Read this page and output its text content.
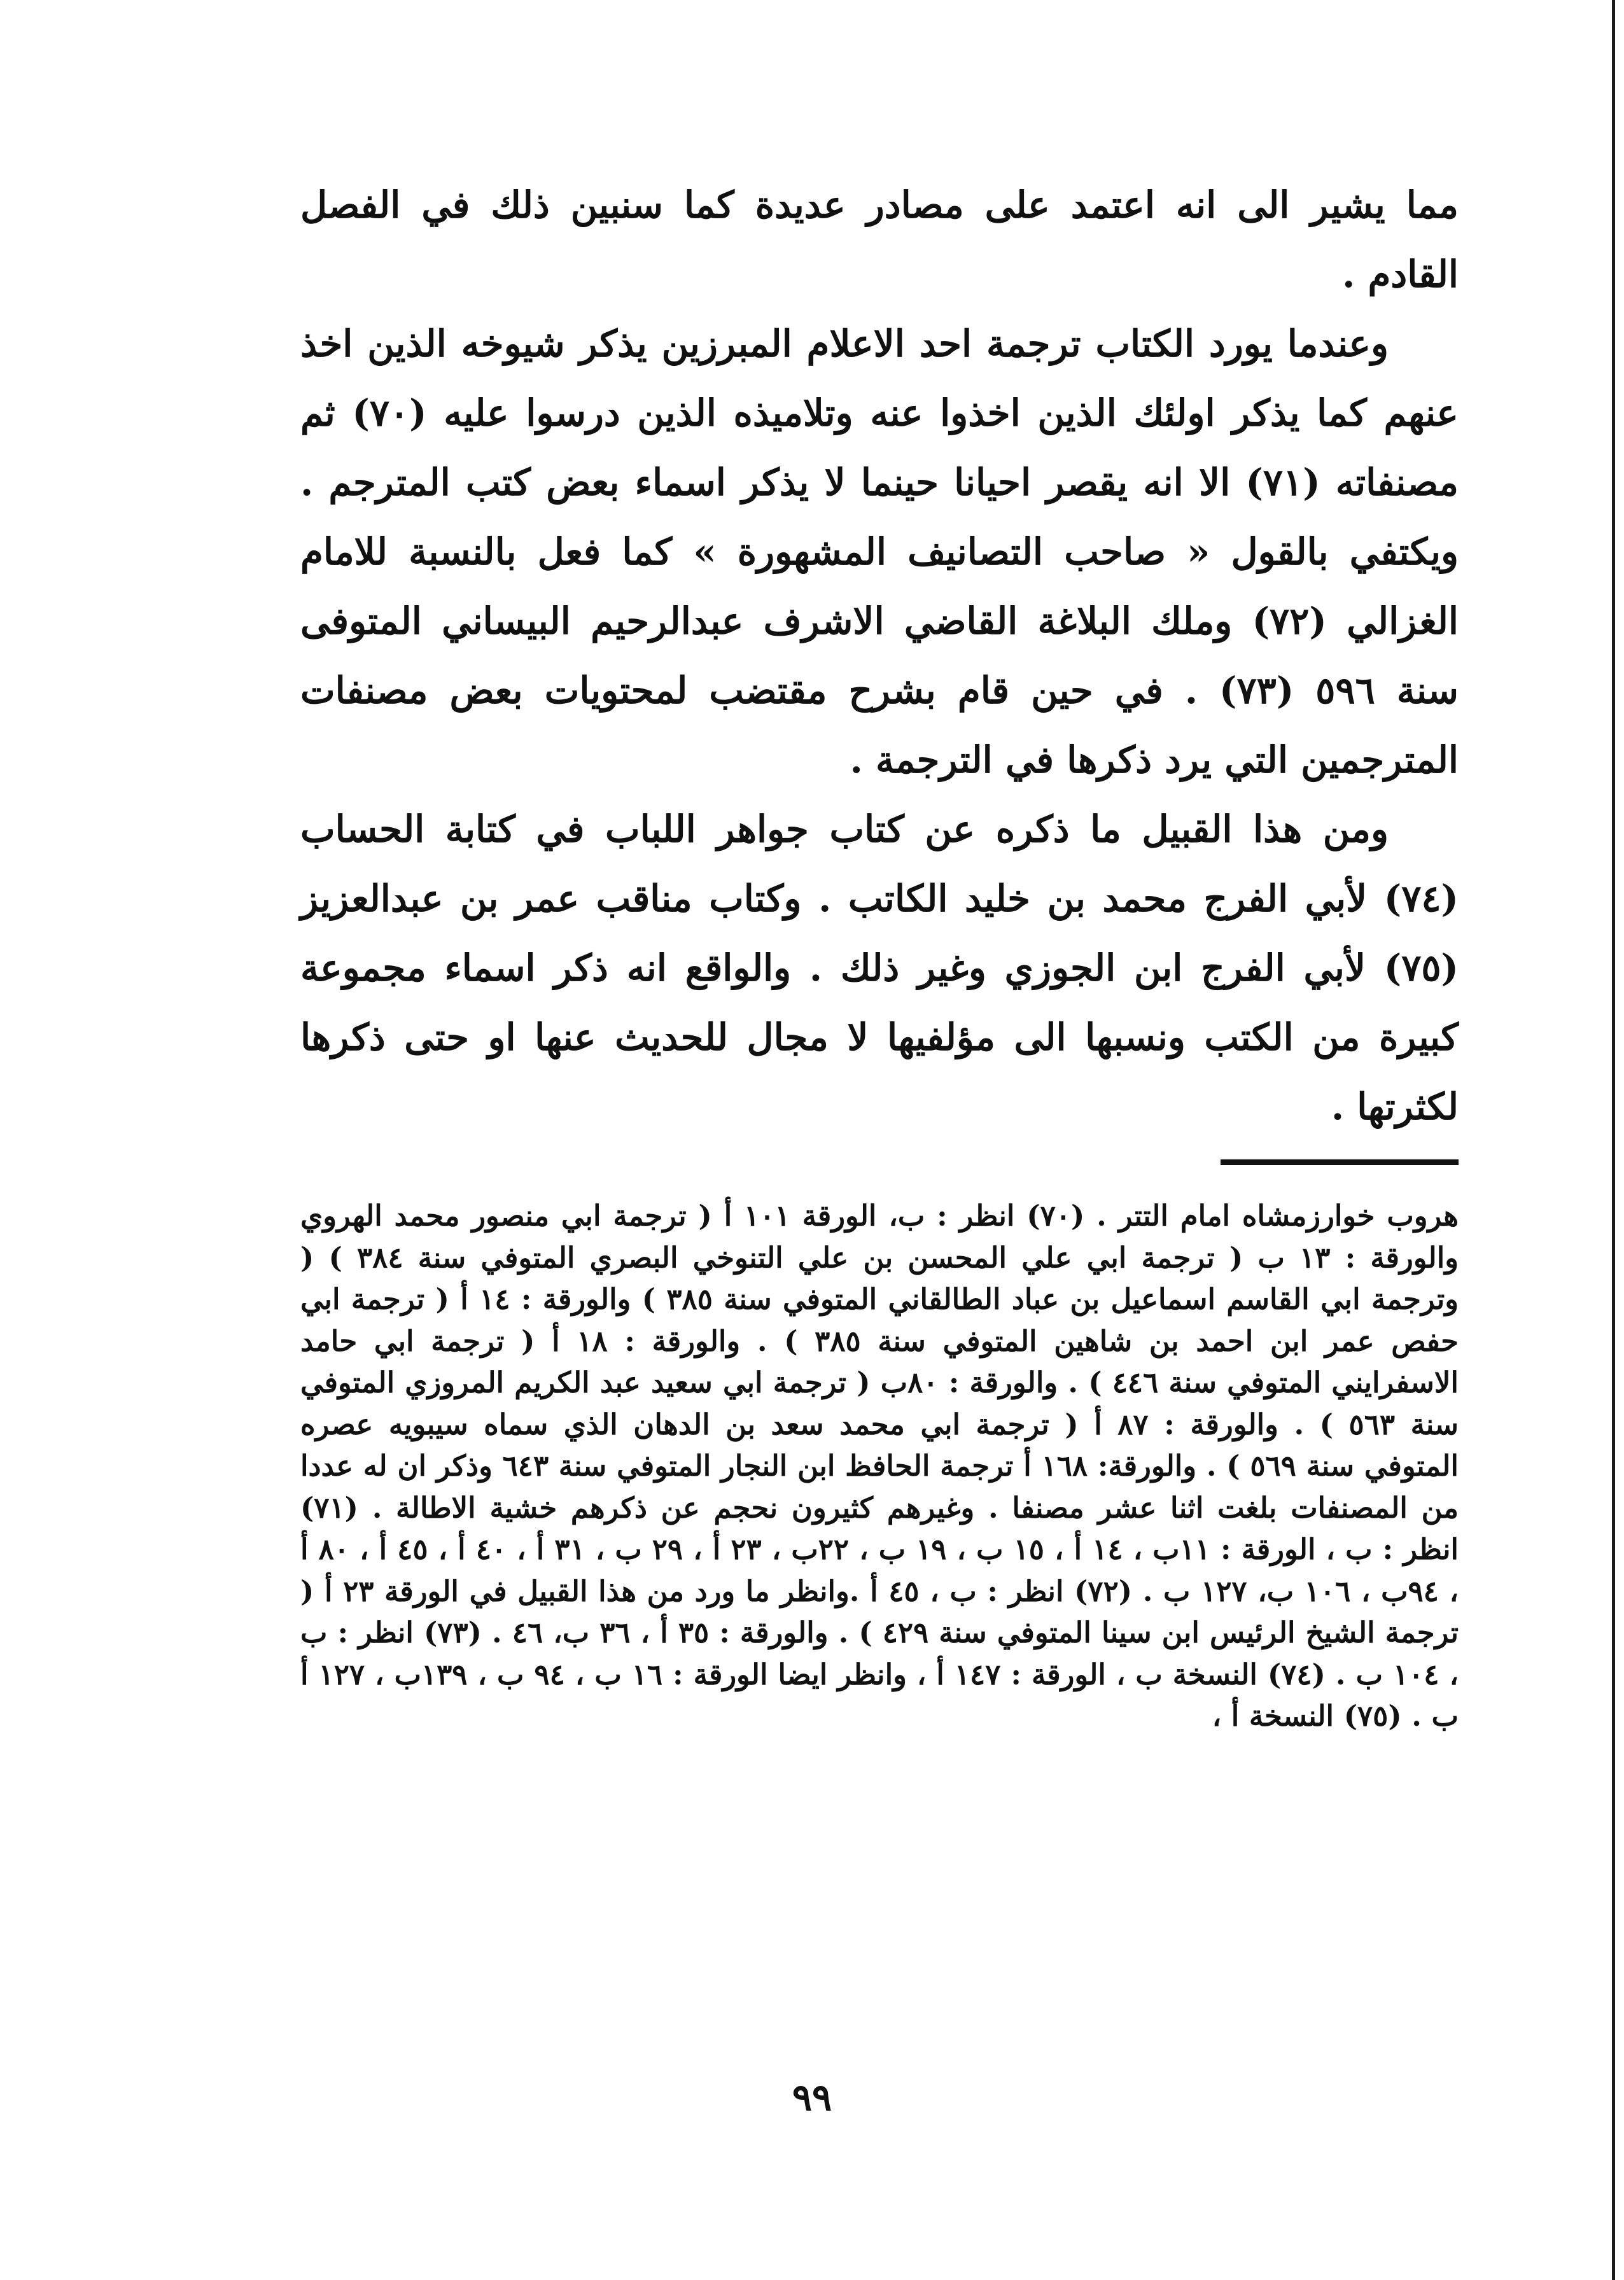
مما يشير الى انه اعتمد على مصادر عديدة كما سنبين ذلك في الفصل القادم .

وعندما يورد الكتاب ترجمة احد الاعلام المبرزين يذكر شيوخه الذين اخذ عنهم كما يذكر اولئك الذين اخذوا عنه وتلاميذه الذين درسوا عليه (٧٠) ثم مصنفاته (٧١) الا انه يقصر احيانا حينما لا يذكر اسماء بعض كتب المترجم . ويكتفي بالقول « صاحب التصانيف المشهورة » كما فعل بالنسبة للامام الغزالي (٧٢) وملك البلاغة القاضي الاشرف عبدالرحيم البيساني المتوفى سنة ٥٩٦ (٧٣) . في حين قام بشرح مقتضب لمحتويات بعض مصنفات المترجمين التي يرد ذكرها في الترجمة .

ومن هذا القبيل ما ذكره عن كتاب جواهر اللباب في كتابة الحساب (٧٤) لأبي الفرج محمد بن خليد الكاتب . وكتاب مناقب عمر بن عبدالعزيز (٧٥) لأبي الفرج ابن الجوزي وغير ذلك . والواقع انه ذكر اسماء مجموعة كبيرة من الكتب ونسبها الى مؤلفيها لا مجال للحديث عنها او حتى ذكرها لكثرتها .

هروب خوارزمشاه امام التتر . (٧٠) انظر : ب، الورقة ١٠١ أ ( ترجمة ابي منصور محمد الهروي والورقة : ١٣ ب ( ترجمة ابي علي المحسن بن علي التنوخي البصري المتوفي سنة ٣٨٤ ) ( وترجمة ابي القاسم اسماعيل بن عباد الطالقاني المتوفي سنة ٣٨٥ ) والورقة : ١٤ أ ( ترجمة ابي حفص عمر ابن احمد بن شاهين المتوفي سنة ٣٨٥ ) . والورقة : ١٨ أ ( ترجمة ابي حامد الاسفرايني المتوفي سنة ٤٤٦ ) . والورقة : ٨٠ب ( ترجمة ابي سعيد عبد الكريم المروزي المتوفي سنة ٥٦٣ ) . والورقة : ٨٧ أ ( ترجمة ابي محمد سعد بن الدهان الذي سماه سيبويه عصره المتوفي سنة ٥٦٩ ) . والورقة: ١٦٨ أ ترجمة الحافظ ابن النجار المتوفي سنة ٦٤٣ وذكر ان له عددا من المصنفات بلغت اثنا عشر مصنفا . وغيرهم كثيرون نحجم عن ذكرهم خشية الاطالة . (٧١) انظر : ب ، الورقة : ١١ب ، ١٤ أ ، ١٥ ب ، ١٩ ب ، ٢٢ب ، ٢٣ أ ، ٢٩ ب ، ٣١ أ ، ٤٠ أ ، ٤٥ أ ، ٨٠ أ ، ٩٤ب ، ١٠٦ ب، ١٢٧ ب . (٧٢) انظر : ب ، ٤٥ أ .وانظر ما ورد من هذا القبيل في الورقة ٢٣ أ ( ترجمة الشيخ الرئيس ابن سينا المتوفي سنة ٤٢٩ ) . والورقة : ٣٥ أ ، ٣٦ ب، ٤٦ . (٧٣) انظر : ب ، ١٠٤ ب . (٧٤) النسخة ب ، الورقة : ١٤٧ أ ، وانظر ايضا الورقة : ١٦ ب ، ٩٤ ب ، ١٣٩ب ، ١٢٧ أ ب . (٧٥) النسخة أ ،

٩٩
